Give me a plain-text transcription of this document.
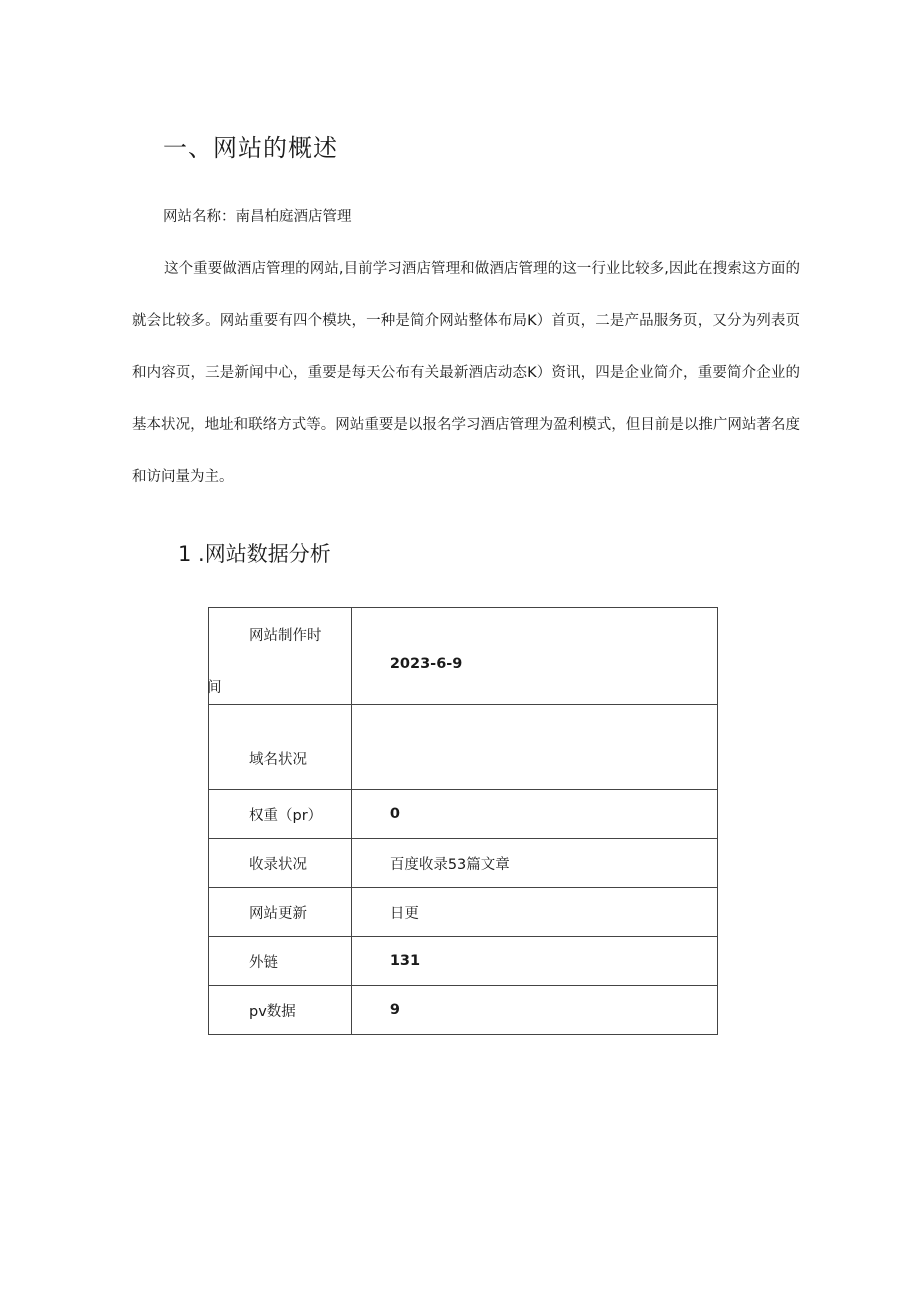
一、网站的概述

网站名称：南昌柏庭酒店管理

这个重要做酒店管理的网站,目前学习酒店管理和做酒店管理的这一行业比较多,因此在搜索这方面的就会比较多。网站重要有四个模块，一种是简介网站整体布局K）首页，二是产品服务页，又分为列表页和内容页，三是新闻中心，重要是每天公布有关最新酒店动态K）资讯，四是企业简介，重要简介企业的基本状况，地址和联络方式等。网站重要是以报名学习酒店管理为盈利模式，但目前是以推广网站著名度和访问量为主。

1 .网站数据分析
网站制作时
间	2023-6-9

域名状况	

权重（pr）	0

收录状况	百度收录53篇文章

网站更新	日更

外链	131

pv数据	9
